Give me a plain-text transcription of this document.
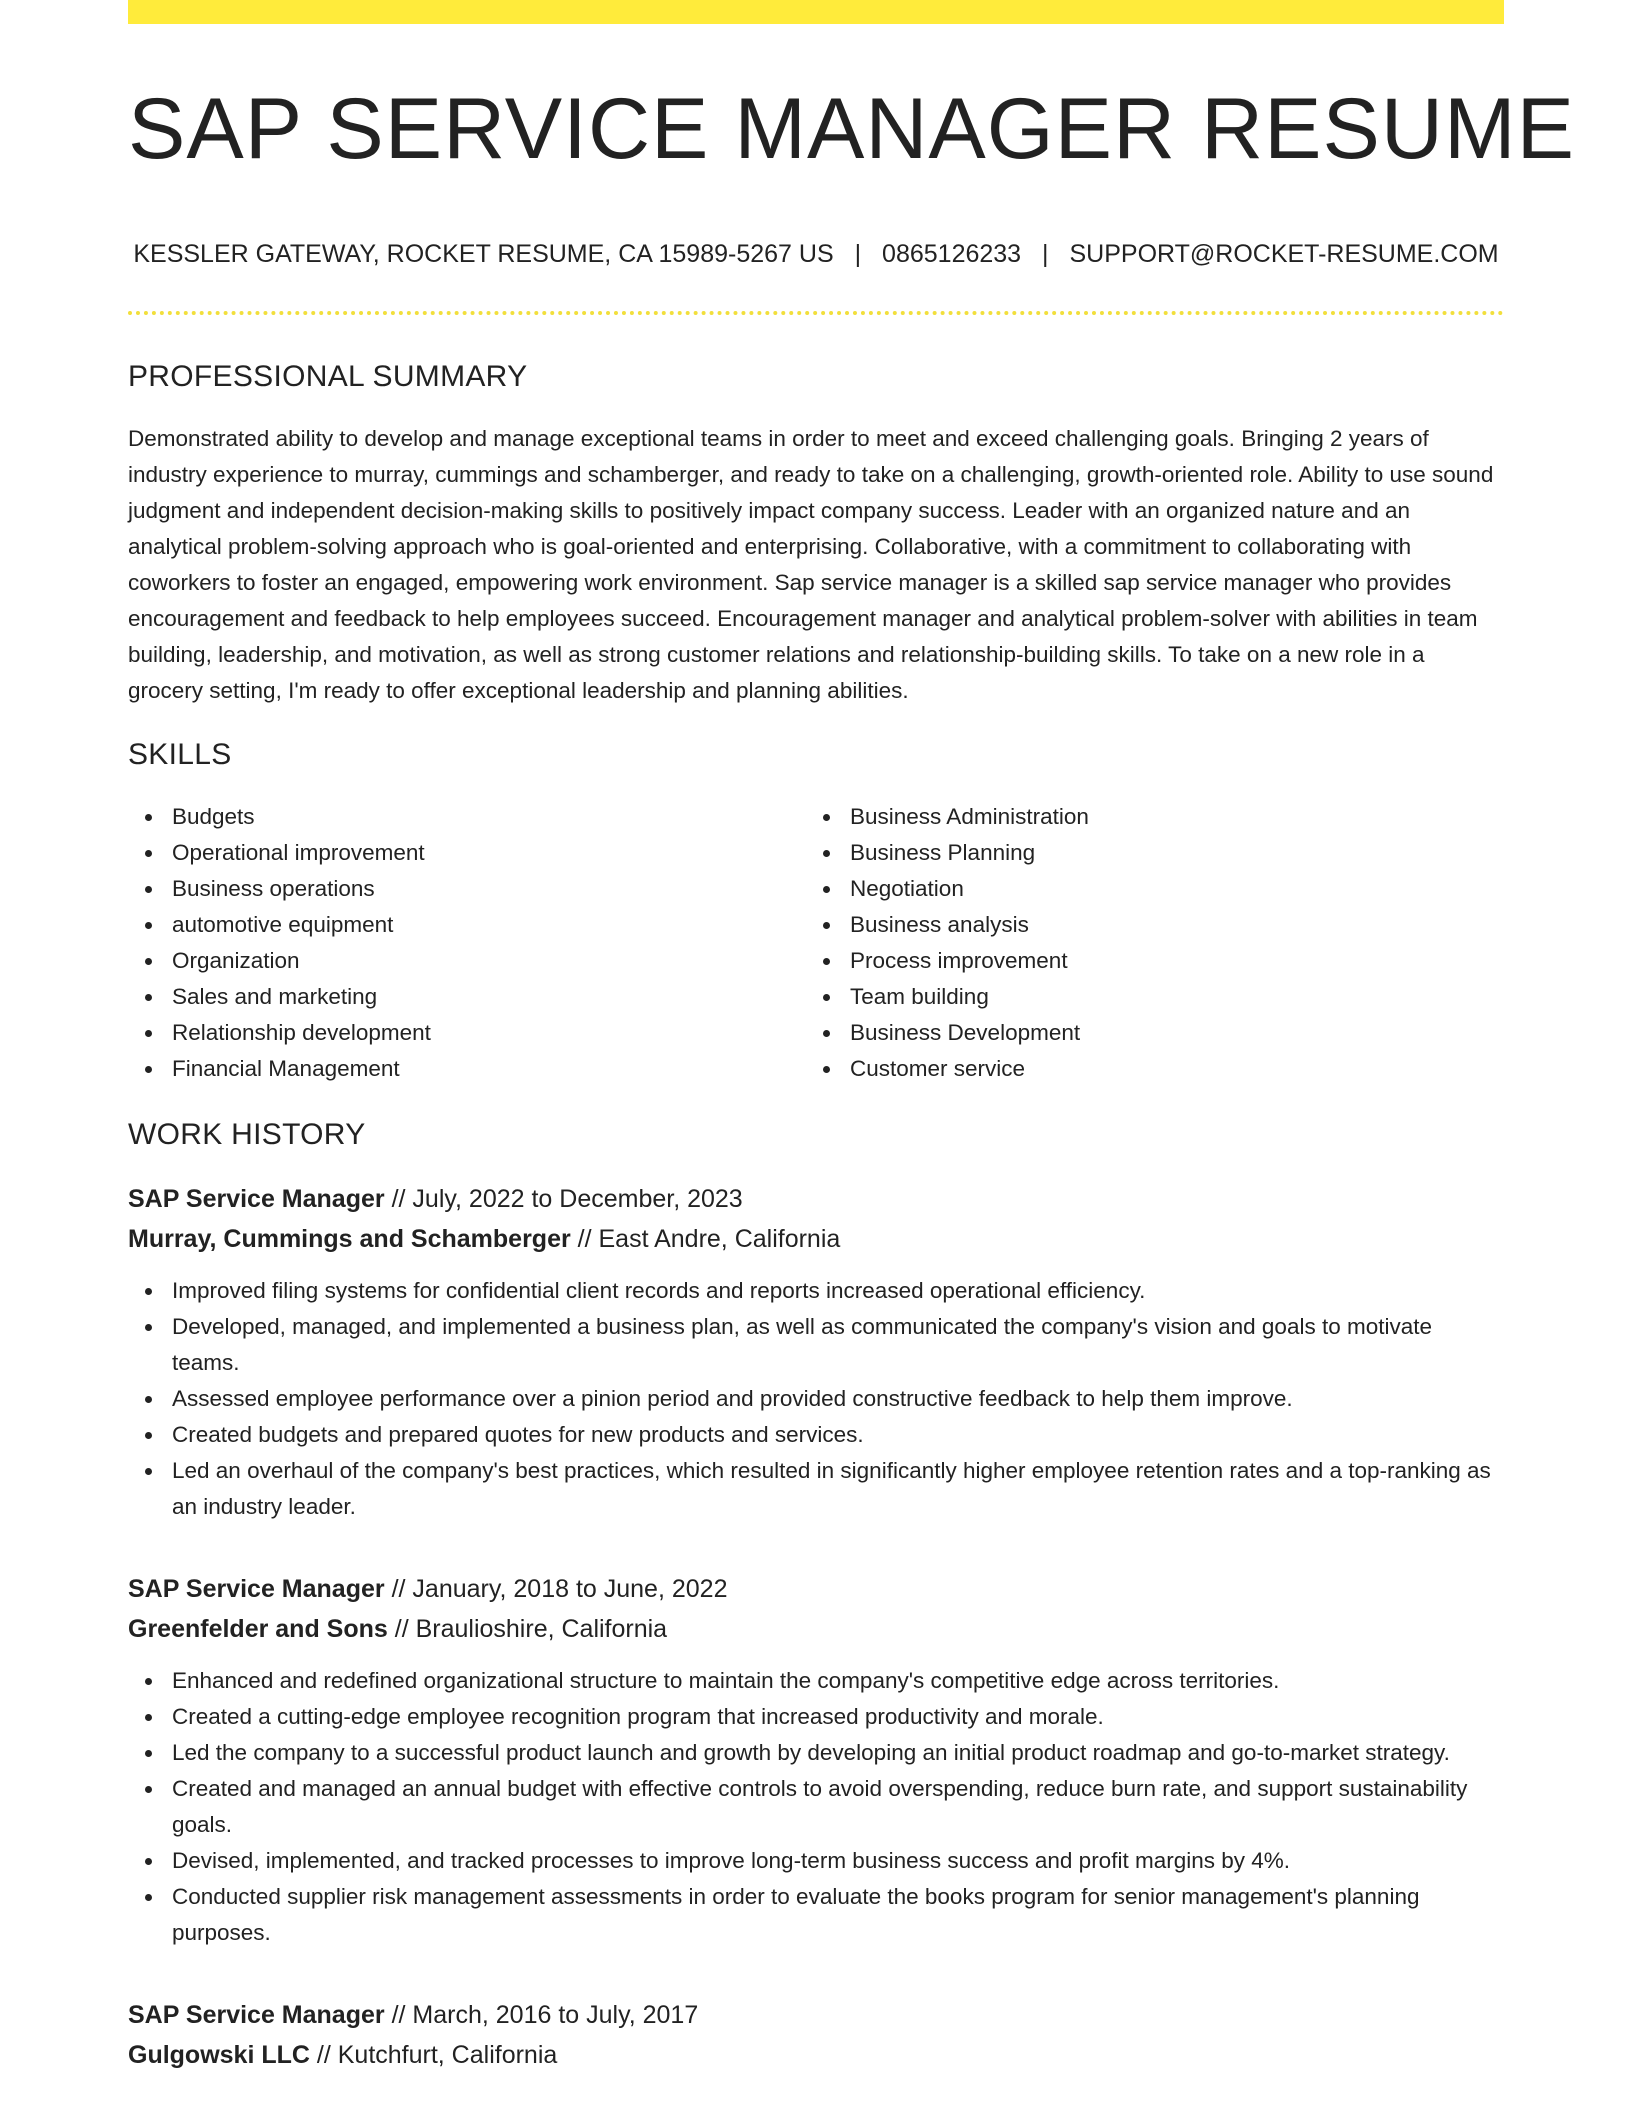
SAP SERVICE MANAGER RESUME
KESSLER GATEWAY, ROCKET RESUME, CA 15989-5267 US | 0865126233 | SUPPORT@ROCKET-RESUME.COM
PROFESSIONAL SUMMARY

Demonstrated ability to develop and manage exceptional teams in order to meet and exceed challenging goals. Bringing 2 years of industry experience to murray, cummings and schamberger, and ready to take on a challenging, growth-oriented role. Ability to use sound judgment and independent decision-making skills to positively impact company success. Leader with an organized nature and an analytical problem-solving approach who is goal-oriented and enterprising. Collaborative, with a commitment to collaborating with coworkers to foster an engaged, empowering work environment. Sap service manager is a skilled sap service manager who provides encouragement and feedback to help employees succeed. Encouragement manager and analytical problem-solver with abilities in team building, leadership, and motivation, as well as strong customer relations and relationship-building skills. To take on a new role in a grocery setting, I'm ready to offer exceptional leadership and planning abilities.

SKILLS
Budgets
Operational improvement
Business operations
automotive equipment
Organization
Sales and marketing
Relationship development
Financial Management
Business Administration
Business Planning
Negotiation
Business analysis
Process improvement
Team building
Business Development
Customer service
WORK HISTORY
SAP Service Manager // July, 2022 to December, 2023
Murray, Cummings and Schamberger // East Andre, California
Improved filing systems for confidential client records and reports increased operational efficiency.
Developed, managed, and implemented a business plan, as well as communicated the company's vision and goals to motivate teams.
Assessed employee performance over a pinion period and provided constructive feedback to help them improve.
Created budgets and prepared quotes for new products and services.
Led an overhaul of the company's best practices, which resulted in significantly higher employee retention rates and a top-ranking as an industry leader.
SAP Service Manager // January, 2018 to June, 2022
Greenfelder and Sons // Braulioshire, California
Enhanced and redefined organizational structure to maintain the company's competitive edge across territories.
Created a cutting-edge employee recognition program that increased productivity and morale.
Led the company to a successful product launch and growth by developing an initial product roadmap and go-to-market strategy.
Created and managed an annual budget with effective controls to avoid overspending, reduce burn rate, and support sustainability goals.
Devised, implemented, and tracked processes to improve long-term business success and profit margins by 4%.
Conducted supplier risk management assessments in order to evaluate the books program for senior management's planning purposes.
SAP Service Manager // March, 2016 to July, 2017
Gulgowski LLC // Kutchfurt, California
